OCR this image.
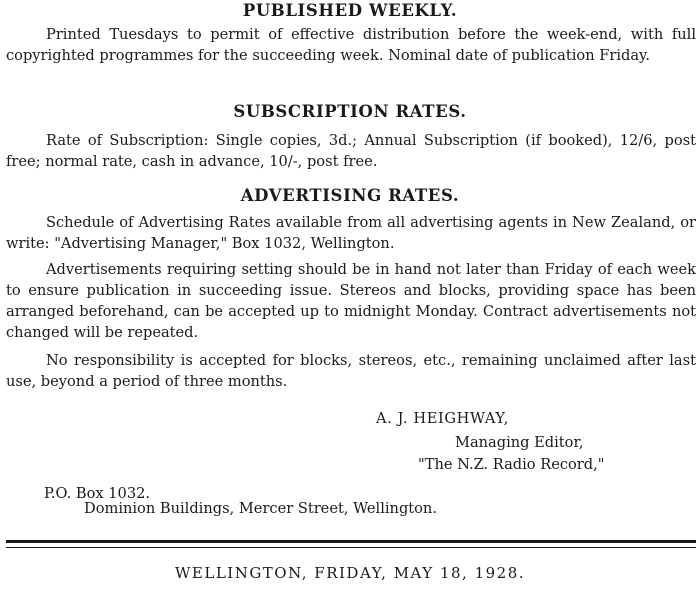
PUBLISHED WEEKLY.
Printed Tuesdays to permit of effective distribution before the week-end, with full copyrighted programmes for the succeeding week. Nominal date of publication Friday.
SUBSCRIPTION RATES.
Rate of Subscription: Single copies, 3d.; Annual Subscription (if booked), 12/6, post free; normal rate, cash in advance, 10/-, post free.
ADVERTISING RATES.
Schedule of Advertising Rates available from all advertising agents in New Zealand, or write: "Advertising Manager," Box 1032, Wellington.
Advertisements requiring setting should be in hand not later than Friday of each week to ensure publication in succeeding issue. Stereos and blocks, providing space has been arranged beforehand, can be accepted up to midnight Monday. Contract advertisements not changed will be repeated.
No responsibility is accepted for blocks, stereos, etc., remaining unclaimed after last use, beyond a period of three months.
A. J. HEIGHWAY,
Managing Editor,
"The N.Z. Radio Record,"
P.O. Box 1032.
Dominion Buildings, Mercer Street, Wellington.
WELLINGTON, FRIDAY, MAY 18, 1928.
